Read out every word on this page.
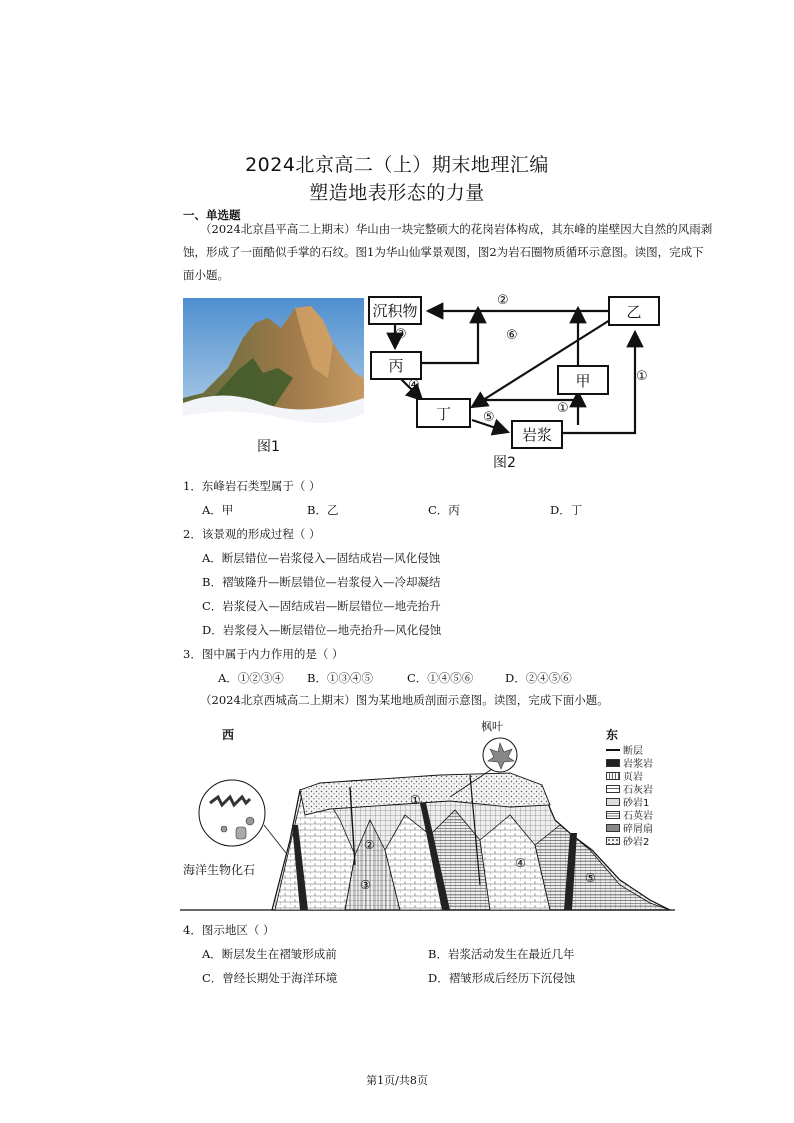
2024北京高二（上）期末地理汇编
塑造地表形态的力量
一、单选题
（2024北京昌平高二上期末）华山由一块完整硕大的花岗岩体构成，其东峰的崖壁因大自然的风雨剥
蚀，形成了一面酷似手掌的石纹。图1为华山仙掌景观图，图2为岩石圈物质循环示意图。读图，完成下
面小题。
图1
沉积物	乙
丙
甲
丁
岩浆
②
③	⑥
④
①
①
⑤
图2
1．东峰岩石类型属于（ ）
A．甲	B．乙	C．丙	D．丁
2．该景观的形成过程（ ）
A．断层错位—岩浆侵入—固结成岩—风化侵蚀
B．褶皱隆升—断层错位—岩浆侵入—冷却凝结
C．岩浆侵入—固结成岩—断层错位—地壳抬升
D．岩浆侵入—断层错位—地壳抬升—风化侵蚀
3．图中属于内力作用的是（ ）
A．①②③④ B．①③④⑤	C．①④⑤⑥	D．②④⑤⑥
（2024北京西城高二上期末）图为某地地质剖面示意图。读图，完成下面小题。
西	东
枫叶
海洋生物化石
①
②
③
④
⑤
断层
岩浆岩
页岩
石灰岩
砂岩1
石英岩
碎屑扇
砂岩2
4．图示地区（ ）
A．断层发生在褶皱形成前	B．岩浆活动发生在最近几年
C．曾经长期处于海洋环境	D．褶皱形成后经历下沉侵蚀
第1页/共8页
